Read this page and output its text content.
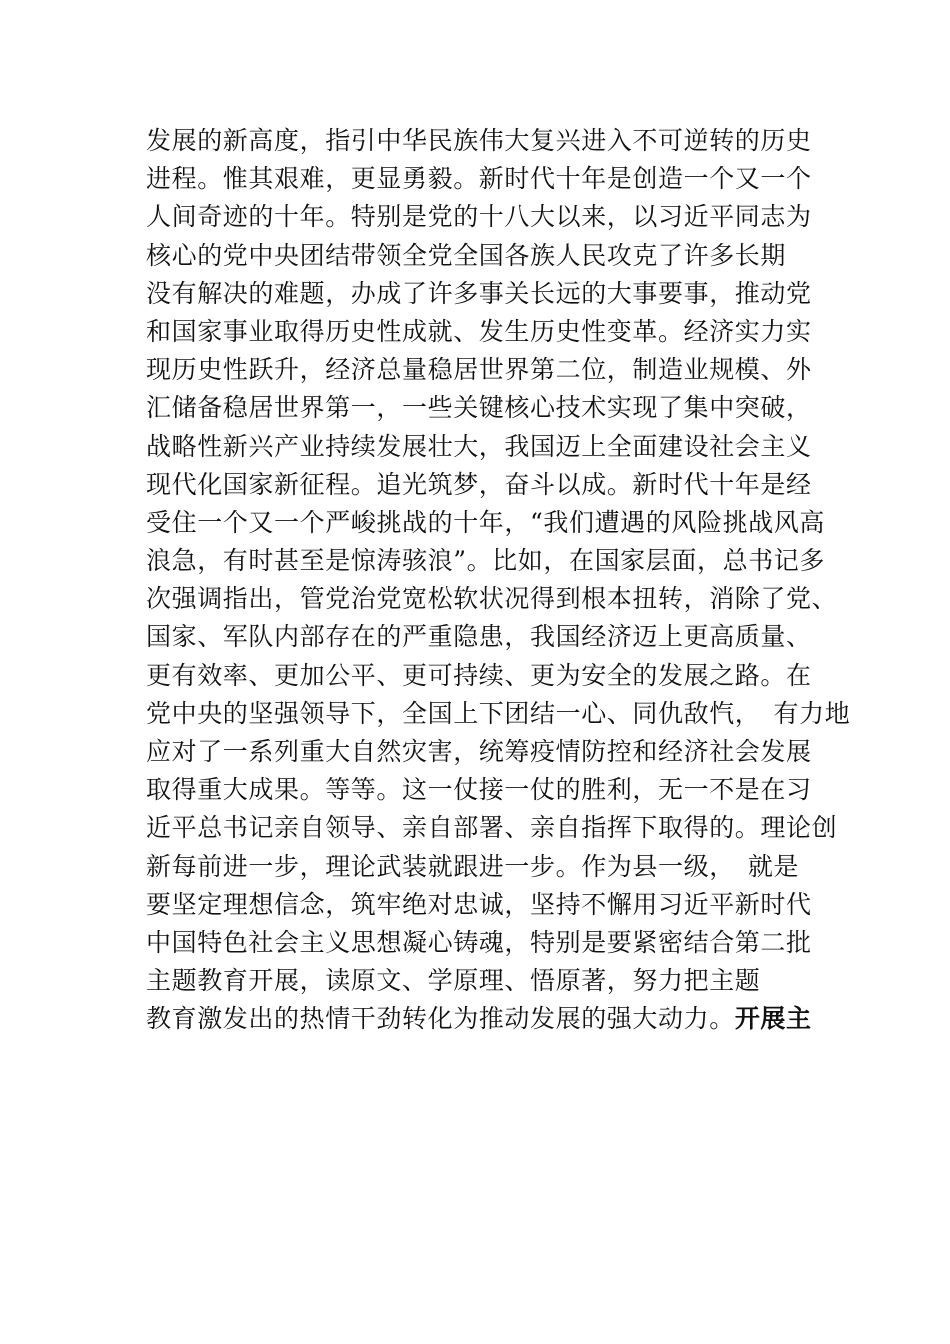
发展的新高度，指引中华民族伟大复兴进入不可逆转的历史
进程。惟其艰难，更显勇毅。新时代十年是创造一个又一个
人间奇迹的十年。特别是党的十八大以来，以习近平同志为
核心的党中央团结带领全党全国各族人民攻克了许多长期
没有解决的难题，办成了许多事关长远的大事要事，推动党
和国家事业取得历史性成就、发生历史性变革。经济实力实
现历史性跃升，经济总量稳居世界第二位，制造业规模、外
汇储备稳居世界第一，一些关键核心技术实现了集中突破，
战略性新兴产业持续发展壮大，我国迈上全面建设社会主义
现代化国家新征程。追光筑梦，奋斗以成。新时代十年是经
受住一个又一个严峻挑战的十年，“我们遭遇的风险挑战风高
浪急，有时甚至是惊涛骇浪”。比如，在国家层面，总书记多
次强调指出，管党治党宽松软状况得到根本扭转，消除了党、
国家、军队内部存在的严重隐患，我国经济迈上更高质量、
更有效率、更加公平、更可持续、更为安全的发展之路。在
党中央的坚强领导下，全国上下团结一心、同仇敌忾，　有力地
应对了一系列重大自然灾害，统筹疫情防控和经济社会发展
取得重大成果。等等。这一仗接一仗的胜利，无一不是在习
近平总书记亲自领导、亲自部署、亲自指挥下取得的。理论创
新每前进一步，理论武装就跟进一步。作为县一级，　就是
要坚定理想信念，筑牢绝对忠诚，坚持不懈用习近平新时代
中国特色社会主义思想凝心铸魂，特别是要紧密结合第二批
主题教育开展，读原文、学原理、悟原著，努力把主题
教育激发出的热情干劲转化为推动发展的强大动力。开展主
